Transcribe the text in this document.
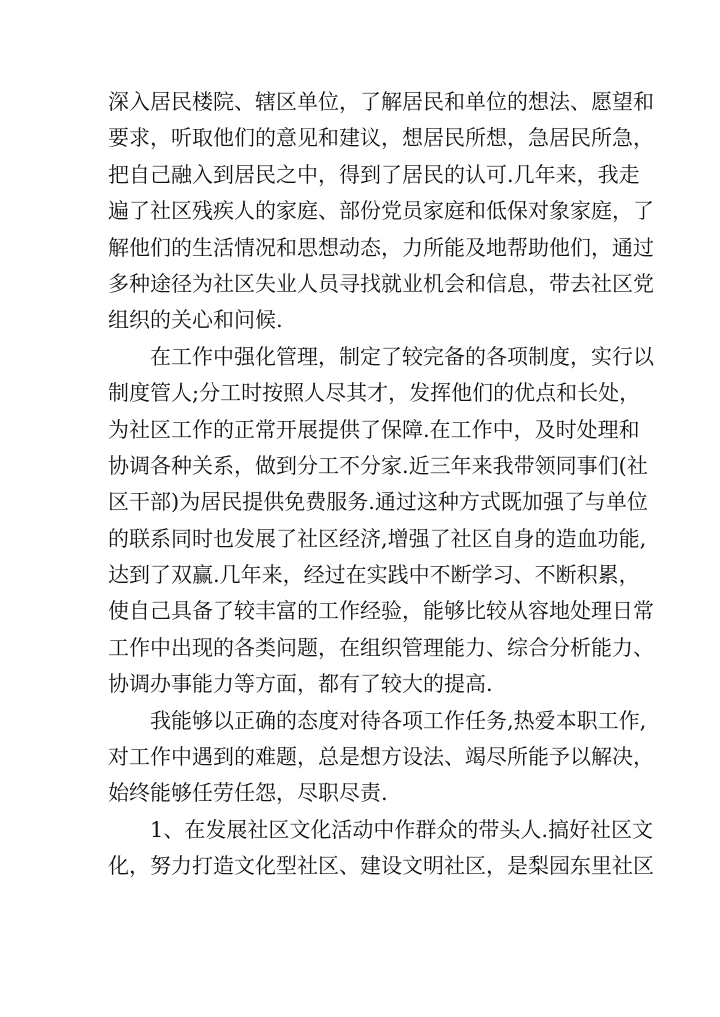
深入居民楼院、辖区单位，了解居民和单位的想法、愿望和
要求，听取他们的意见和建议，想居民所想，急居民所急，
把自己融入到居民之中，得到了居民的认可.几年来，我走
遍了社区残疾人的家庭、部份党员家庭和低保对象家庭，了
解他们的生活情况和思想动态，力所能及地帮助他们，通过
多种途径为社区失业人员寻找就业机会和信息，带去社区党
组织的关心和问候.
在工作中强化管理，制定了较完备的各项制度，实行以
制度管人;分工时按照人尽其才，发挥他们的优点和长处，
为社区工作的正常开展提供了保障.在工作中，及时处理和
协调各种关系，做到分工不分家.近三年来我带领同事们(社
区干部)为居民提供免费服务.通过这种方式既加强了与单位
的联系同时也发展了社区经济,增强了社区自身的造血功能,
达到了双赢.几年来，经过在实践中不断学习、不断积累，
使自己具备了较丰富的工作经验，能够比较从容地处理日常
工作中出现的各类问题，在组织管理能力、综合分析能力、
协调办事能力等方面，都有了较大的提高.
我能够以正确的态度对待各项工作任务,热爱本职工作,
对工作中遇到的难题，总是想方设法、竭尽所能予以解决，
始终能够任劳任怨，尽职尽责.
1、在发展社区文化活动中作群众的带头人.搞好社区文
化，努力打造文化型社区、建设文明社区，是梨园东里社区
